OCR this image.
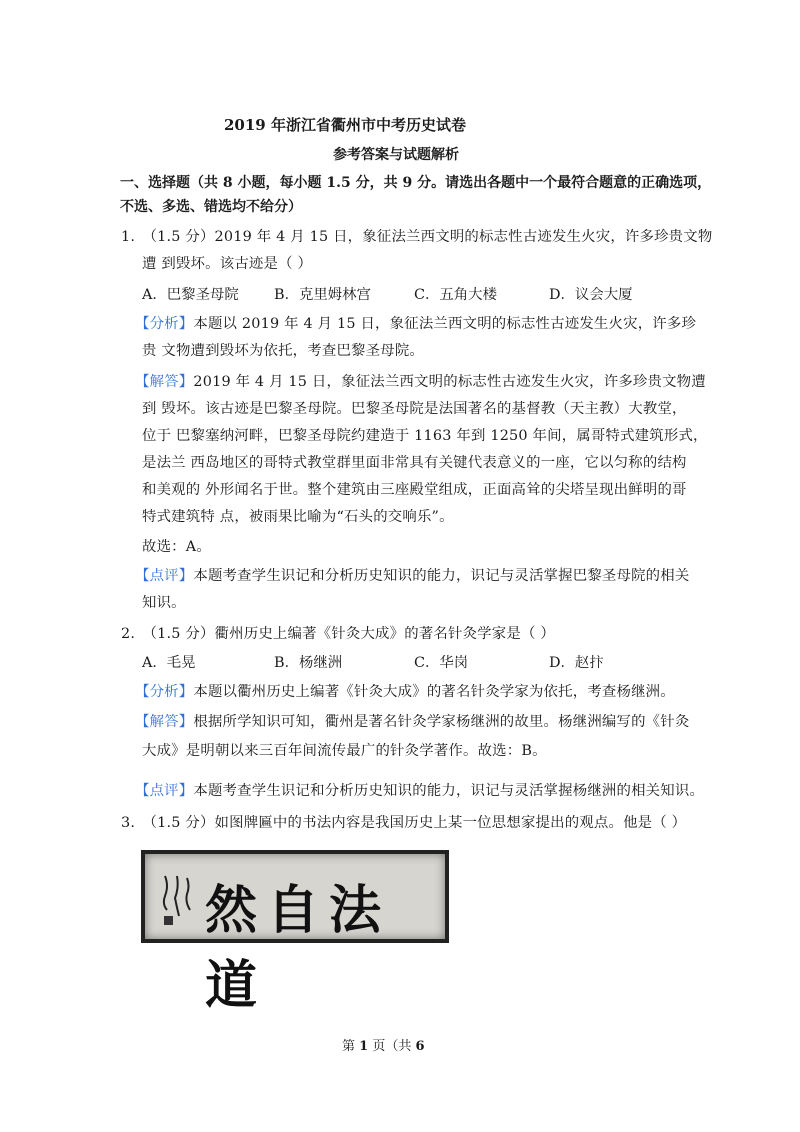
2019 年浙江省衢州市中考历史试卷
参考答案与试题解析
一、选择题（共 8 小题，每小题 1.5 分，共 9 分。请选出各题中一个最符合题意的正确选项，
不选、多选、错选均不给分）
1.　（1.5 分）2019 年 4 月 15 日，象征法兰西文明的标志性古迹发生火灾，许多珍贵文物
遭 到毁坏。该古迹是（ ）
A．巴黎圣母院	B．克里姆林宫	C．五角大楼	D．议会大厦
【分析】本题以 2019 年 4 月 15 日，象征法兰西文明的标志性古迹发生火灾，许多珍
贵 文物遭到毁坏为依托，考查巴黎圣母院。
【解答】2019 年 4 月 15 日，象征法兰西文明的标志性古迹发生火灾，许多珍贵文物遭
到 毁坏。该古迹是巴黎圣母院。巴黎圣母院是法国著名的基督教（天主教）大教堂，
位于 巴黎塞纳河畔，巴黎圣母院约建造于 1163 年到 1250 年间，属哥特式建筑形式，
是法兰 西岛地区的哥特式教堂群里面非常具有关键代表意义的一座，它以匀称的结构
和美观的 外形闻名于世。整个建筑由三座殿堂组成，正面高耸的尖塔呈现出鲜明的哥
特式建筑特 点，被雨果比喻为“石头的交响乐”。
故选：A。
【点评】本题考查学生识记和分析历史知识的能力，识记与灵活掌握巴黎圣母院的相关
知识。
2.　（1.5 分）衢州历史上编著《针灸大成》的著名针灸学家是（ ）
A．毛晃	B．杨继洲	C．华岗	D．赵抃
【分析】本题以衢州历史上编著《针灸大成》的著名针灸学家为依托，考查杨继洲。
【解答】根据所学知识可知，衢州是著名针灸学家杨继洲的故里。杨继洲编写的《针灸
大成》是明朝以来三百年间流传最广的针灸学著作。故选：B。
【点评】本题考查学生识记和分析历史知识的能力，识记与灵活掌握杨继洲的相关知识。
3.　（1.5 分）如图牌匾中的书法内容是我国历史上某一位思想家提出的观点。他是（ ）
然自法道
第 1 页（共 6
